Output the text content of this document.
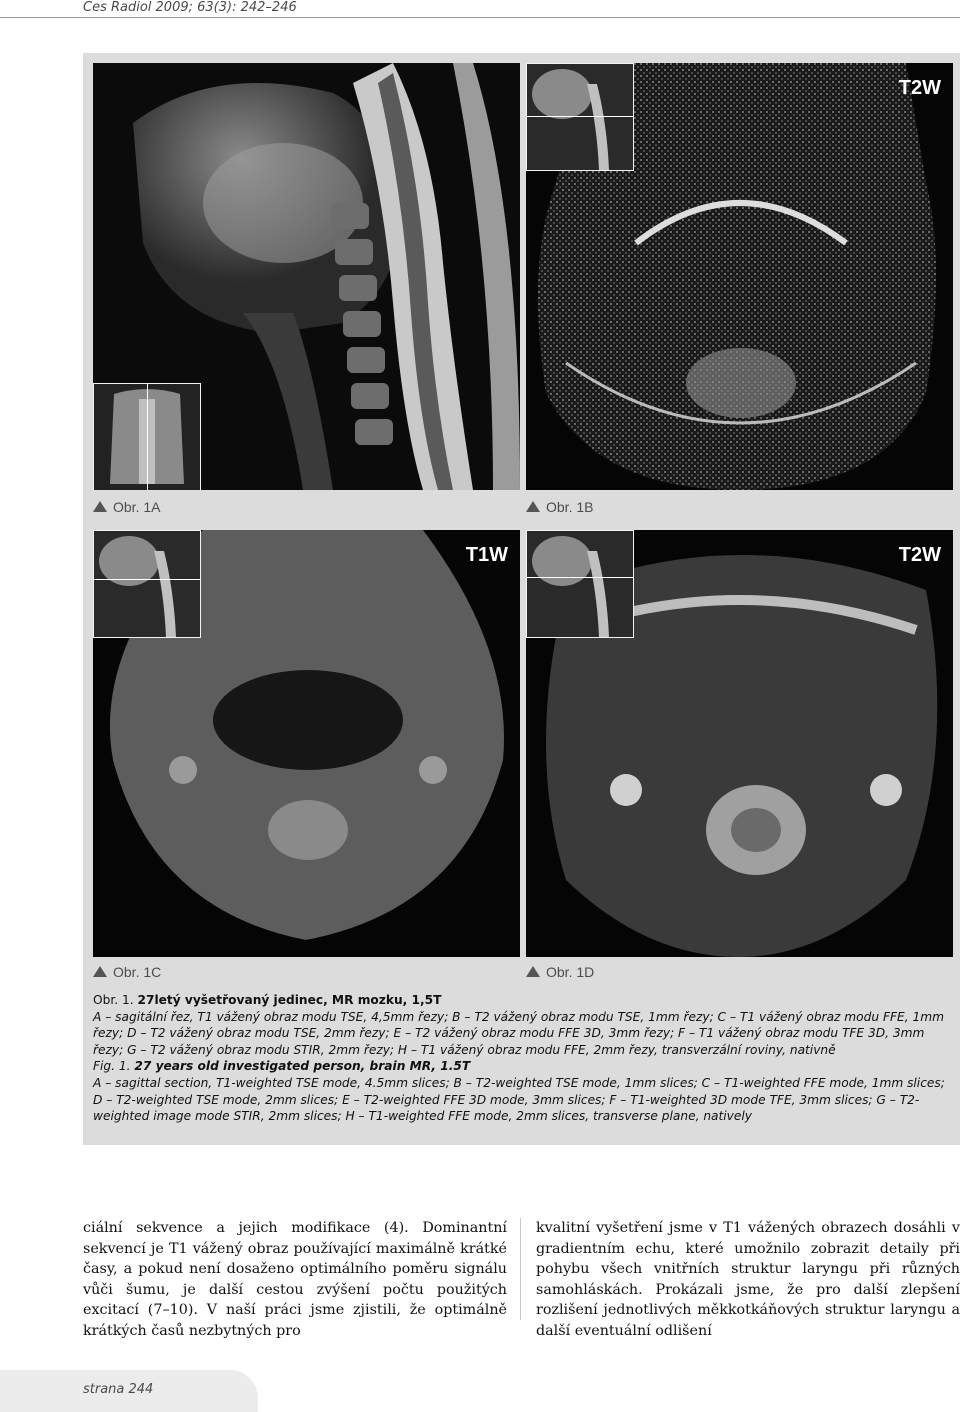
Ces Radiol 2009; 63(3): 242–246
T2W
T1W	T2W
Obr. 1A	Obr. 1B
Obr. 1C	Obr. 1D

Obr. 1. 27letý vyšetřovaný jedinec, MR mozku, 1,5T

A – sagitální řez, T1 vážený obraz modu TSE, 4,5mm řezy; B – T2 vážený obraz modu TSE, 1mm řezy; C – T1 vážený obraz modu FFE, 1mm řezy; D – T2 vážený obraz modu TSE, 2mm řezy; E – T2 vážený obraz modu FFE 3D, 3mm řezy; F – T1 vážený obraz modu TFE 3D, 3mm řezy; G – T2 vážený obraz modu STIR, 2mm řezy; H – T1 vážený obraz modu FFE, 2mm řezy, transverzální roviny, nativně

Fig. 1. 27 years old investigated person, brain MR, 1.5T

A – sagittal section, T1-weighted TSE mode, 4.5mm slices; B – T2-weighted TSE mode, 1mm slices; C – T1-weighted FFE mode, 1mm slices; D – T2-weighted TSE mode, 2mm slices; E – T2-weighted FFE 3D mode, 3mm slices; F – T1-weighted 3D mode TFE, 3mm slices; G – T2-weighted image mode STIR, 2mm slices; H – T1-weighted FFE mode, 2mm slices, transverse plane, natively

ciální sekvence a jejich modifikace (4). Dominantní sekvencí je T1 vážený obraz používající maximálně krátké časy, a pokud není dosaženo optimálního poměru signálu vůči šumu, je další cestou zvýšení počtu použitých excitací (7–10). V naší práci jsme zjistili, že optimálně krátkých časů nezbytných pro
kvalitní vyšetření jsme v T1 vážených obrazech dosáhli v gradientním echu, které umožnilo zobrazit detaily při pohybu všech vnitřních struktur laryngu při různých samohláskách. Prokázali jsme, že pro další zlepšení rozlišení jednotlivých měkkotkáňových struktur laryngu a další eventuální odlišení
strana 244
